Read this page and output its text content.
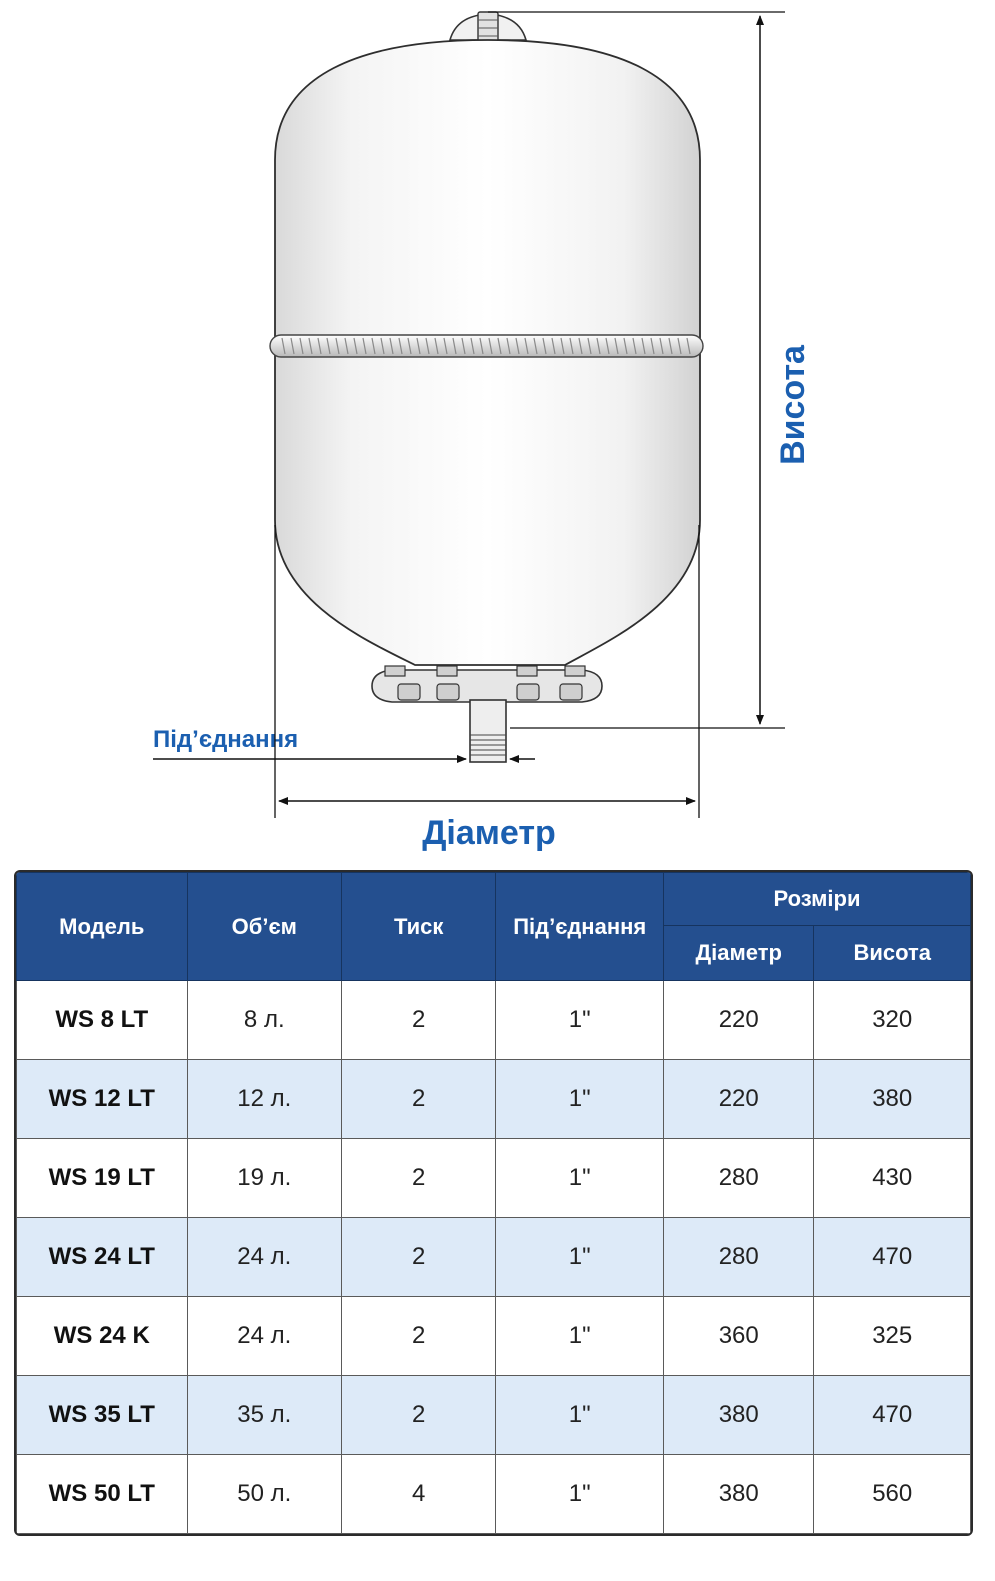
Висота
Під’єднання
Діаметр
Модель	Об’єм	Тиск	Під’єднання	Розміри	
				Діаметр	Висота
WS 8 LT	8 л.	2	1"	220	320
WS 12 LT	12 л.	2	1"	220	380
WS 19 LT	19 л.	2	1"	280	430
WS 24 LT	24 л.	2	1"	280	470
WS 24 K	24 л.	2	1"	360	325
WS 35 LT	35 л.	2	1"	380	470
WS 50 LT	50 л.	4	1"	380	560
